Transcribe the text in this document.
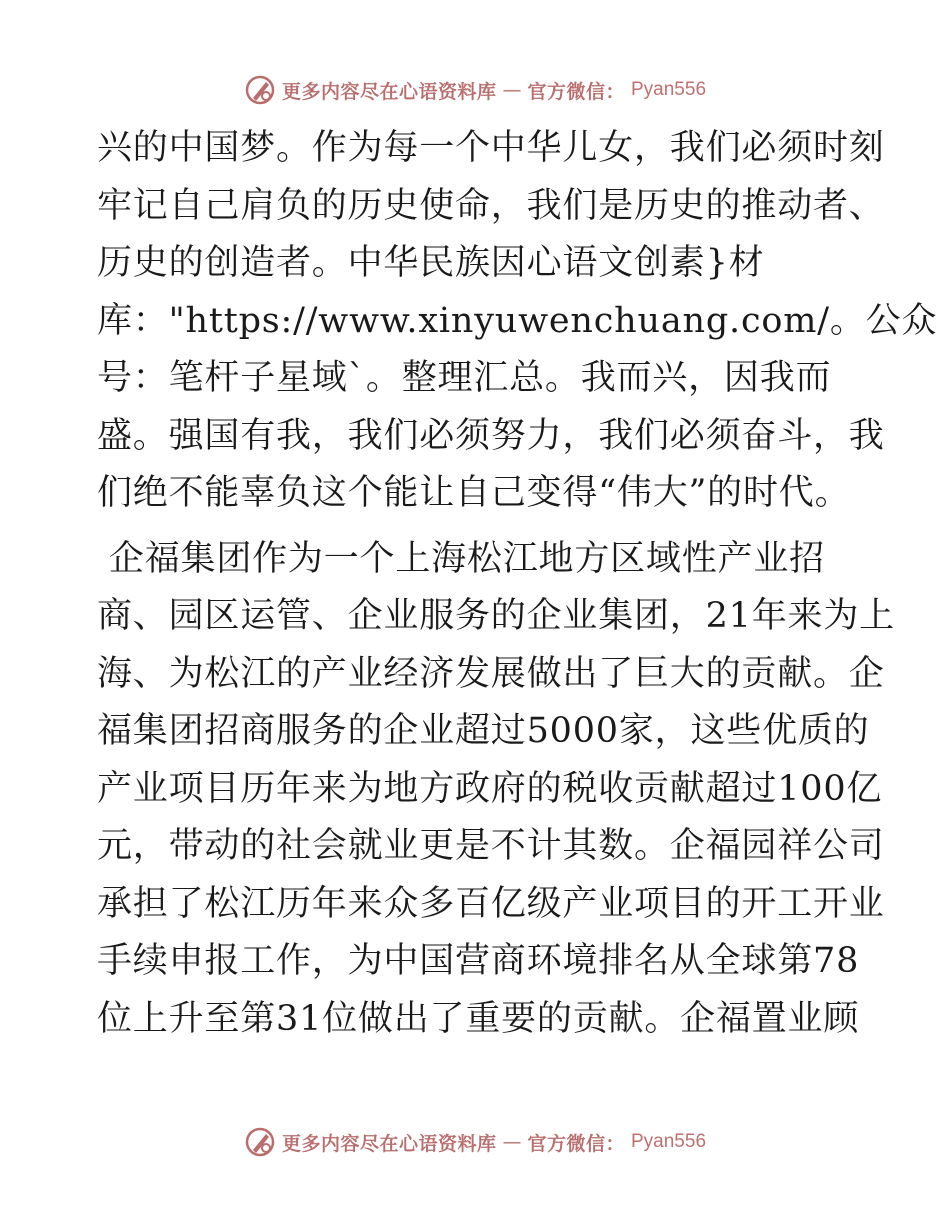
更多内容尽在心语资料库 — 官方微信： Pyan556
兴的中国梦。作为每一个中华儿女，我们必须时刻
牢记自己肩负的历史使命，我们是历史的推动者、
历史的创造者。中华民族因心语文创素}材
库："https://www.xinyuwenchuang.com/。公众
号：笔杆子星域`。整理汇总。我而兴，因我而
盛。强国有我，我们必须努力，我们必须奋斗，我
们绝不能辜负这个能让自己变得“伟大”的时代。
企福集团作为一个上海松江地方区域性产业招
商、园区运管、企业服务的企业集团，21年来为上
海、为松江的产业经济发展做出了巨大的贡献。企
福集团招商服务的企业超过5000家，这些优质的
产业项目历年来为地方政府的税收贡献超过100亿
元，带动的社会就业更是不计其数。企福园祥公司
承担了松江历年来众多百亿级产业项目的开工开业
手续申报工作，为中国营商环境排名从全球第78
位上升至第31位做出了重要的贡献。企福置业顾
更多内容尽在心语资料库 — 官方微信： Pyan556
